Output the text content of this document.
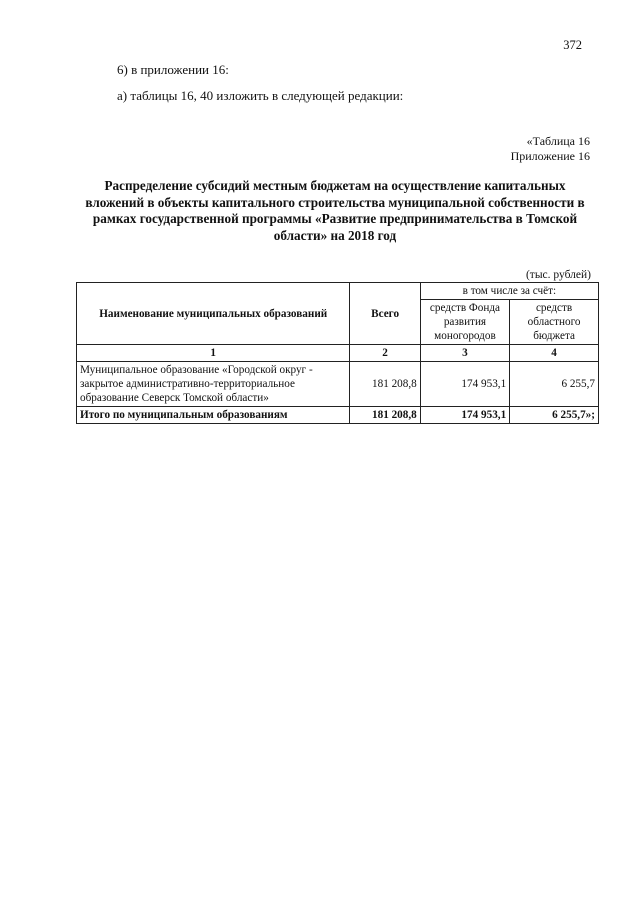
372
6) в приложении 16:
а) таблицы 16, 40 изложить в следующей редакции:
«Таблица 16
Приложение 16
Распределение субсидий местным бюджетам на осуществление капитальных вложений в объекты капитального строительства муниципальной собственности в рамках государственной программы «Развитие предпринимательства в Томской области» на 2018 год
(тыс. рублей)
Наименование муниципальных образований	Всего	в том числе за счёт:	
		средств Фонда развития моногородов	средств областного бюджета
1	2	3	4
Муниципальное образование «Городской округ - закрытое административно-территориальное образование Северск Томской области»	181 208,8	174 953,1	6 255,7
Итого по муниципальным образованиям	181 208,8	174 953,1	6 255,7»;
